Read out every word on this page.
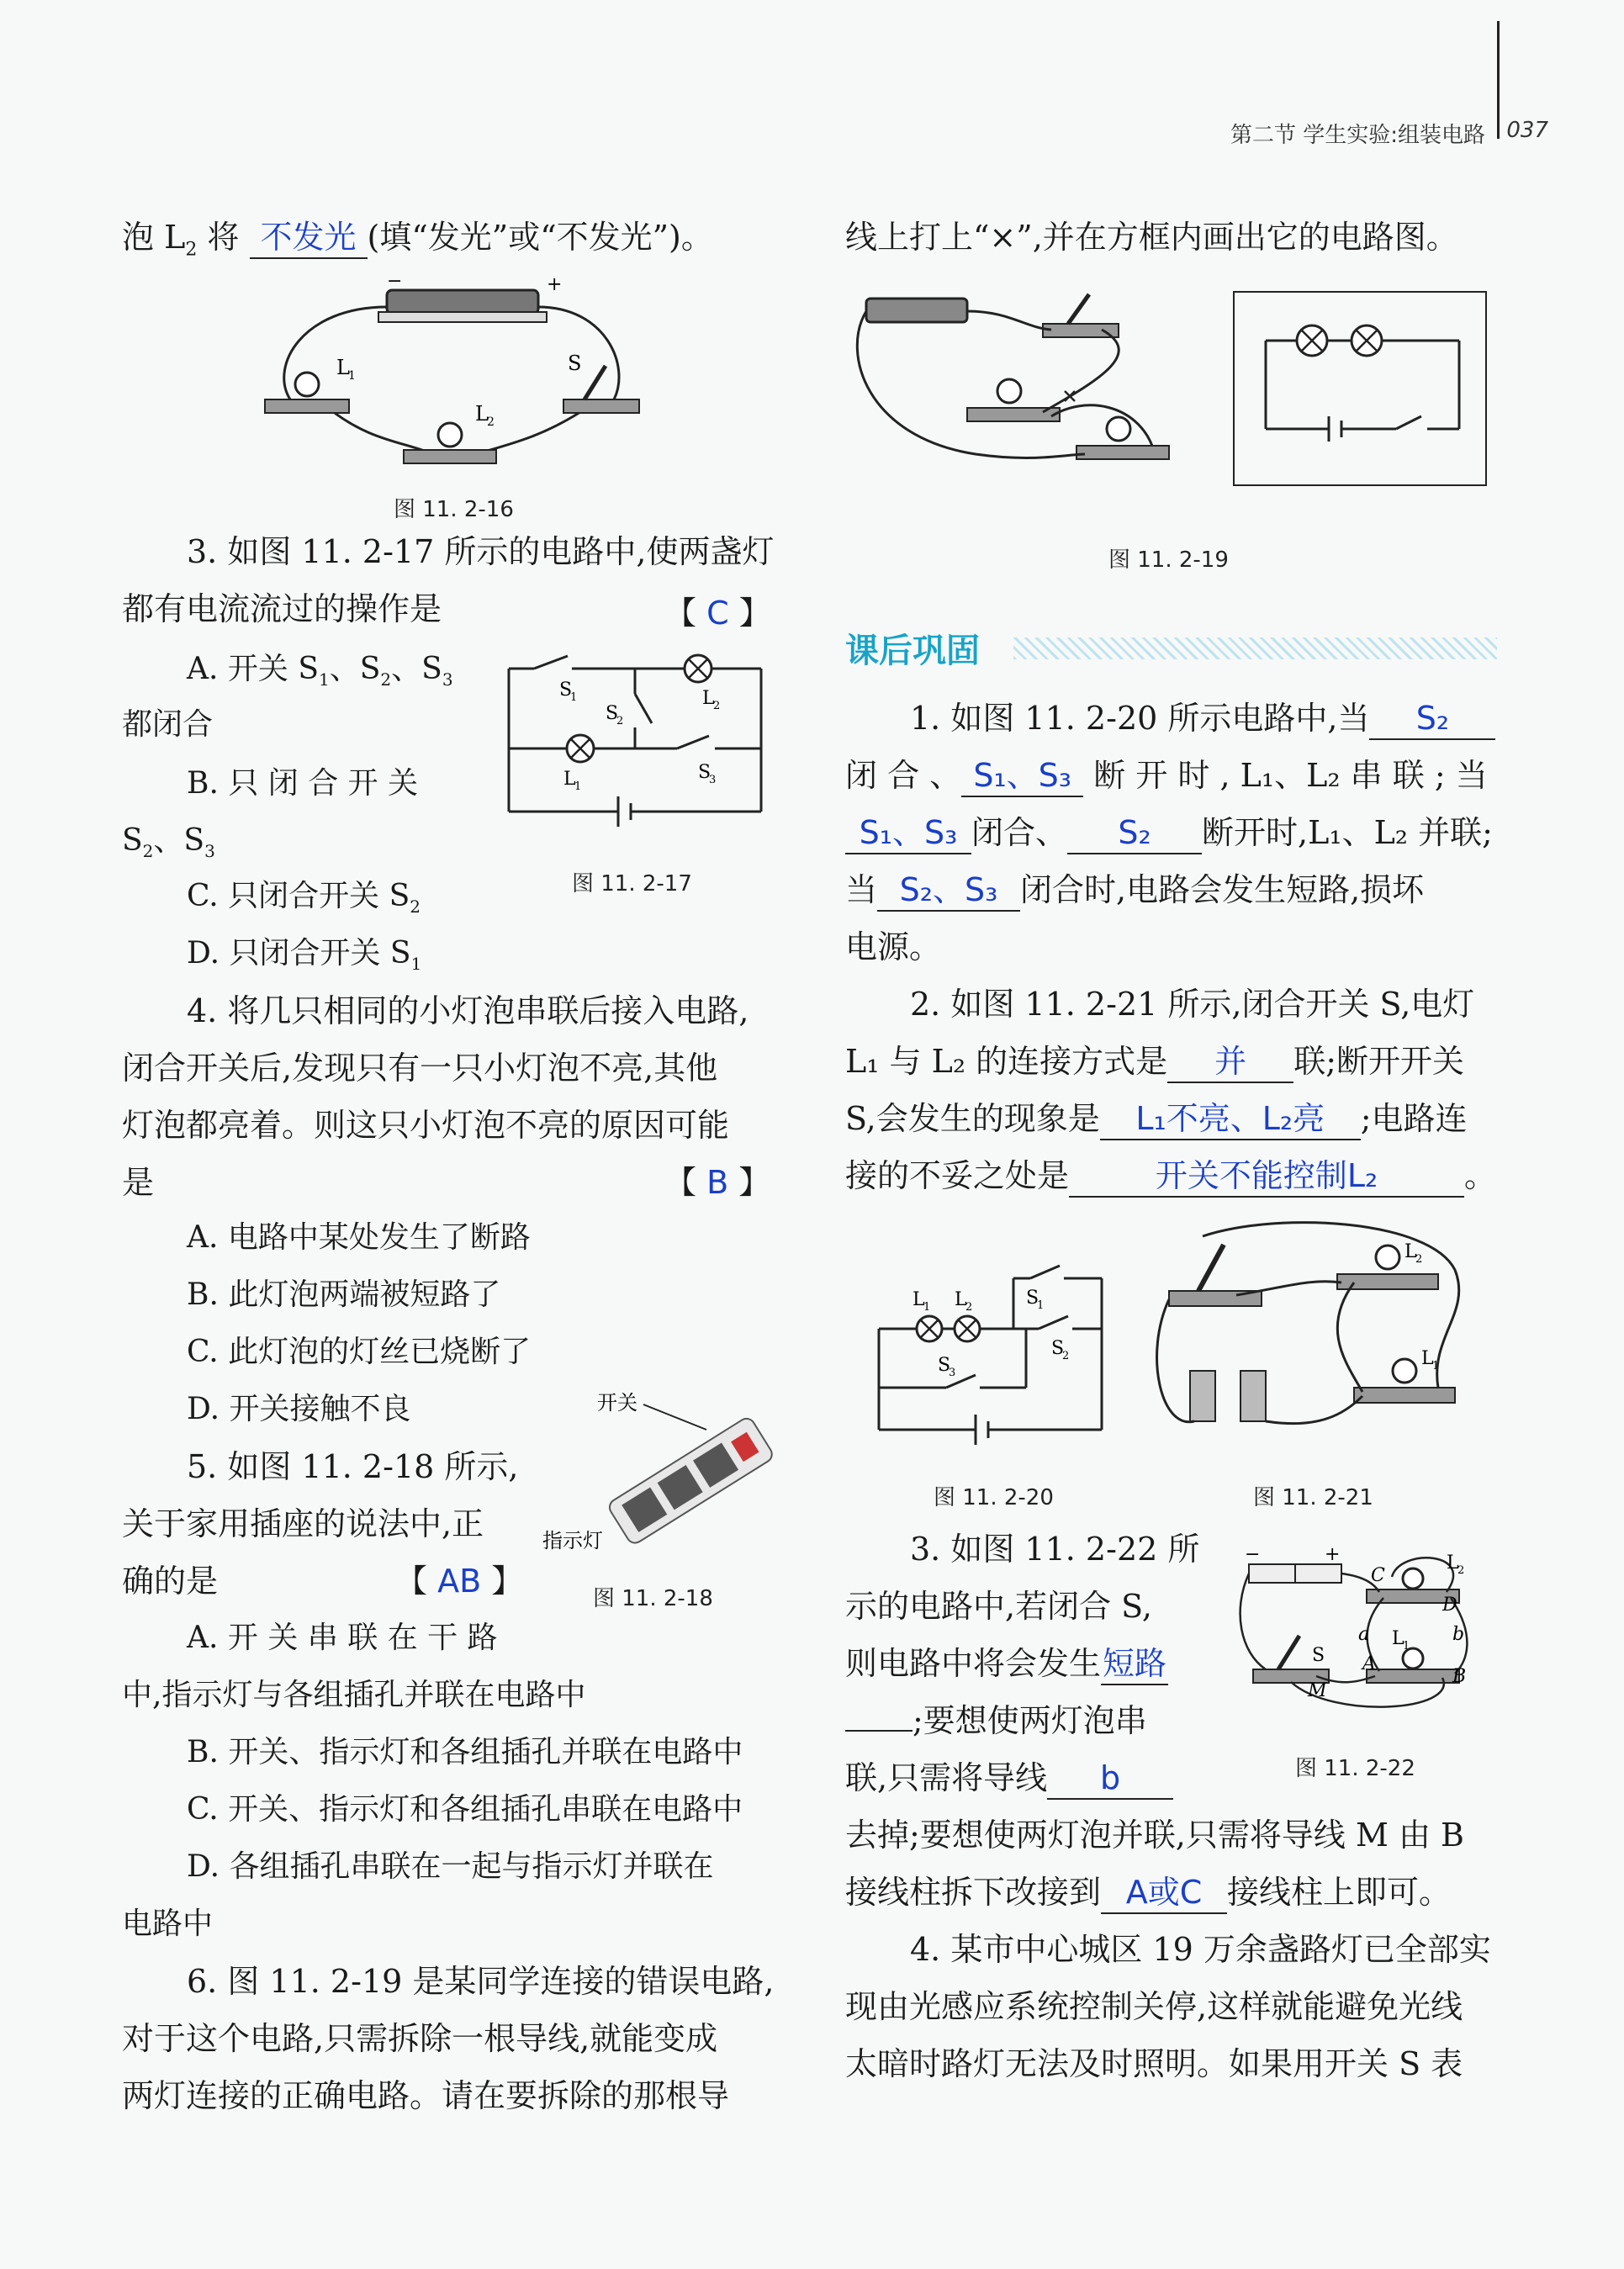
第二节 学生实验:组装电路 037
泡 $L_2$ 将 不发光 (填“发光”或“不发光”)。
−	+
L
1
L
2
S
图 11. 2-16
3. 如图 11. 2-17 所示的电路中,使两盏灯
都有电流流过的操作是	【 C 】
A. 开关 $S_1$、$S_2$、$S_3$
都闭合
B. 只 闭 合 开 关
$S_2$、$S_3$
C. 只闭合开关 $S_2$
D. 只闭合开关 $S_1$
S
1
S
2
L
2
L
1
S
3
图 11. 2-17
4. 将几只相同的小灯泡串联后接入电路,
闭合开关后,发现只有一只小灯泡不亮,其他
灯泡都亮着。则这只小灯泡不亮的原因可能
是	【 B 】
A. 电路中某处发生了断路
B. 此灯泡两端被短路了
C. 此灯泡的灯丝已烧断了
D. 开关接触不良
5. 如图 11. 2-18 所示,
关于家用插座的说法中,正
确的是	【 AB 】
开关
指示灯
图 11. 2-18
A. 开 关 串 联 在 干 路
中,指示灯与各组插孔并联在电路中
B. 开关、指示灯和各组插孔并联在电路中
C. 开关、指示灯和各组插孔串联在电路中
D. 各组插孔串联在一起与指示灯并联在
电路中
6. 图 11. 2-19 是某同学连接的错误电路,
对于这个电路,只需拆除一根导线,就能变成
两灯连接的正确电路。请在要拆除的那根导
线上打上“×”,并在方框内画出它的电路图。
图 11. 2-19
课后巩固
1. 如图 11. 2-20 所示电路中,当 S₂
闭 合 、 S₁、S₃ 断 开 时 , L₁、L₂ 串 联 ; 当
S₁、S₃ 闭合、 S₂ 断开时,L₁、L₂ 并联;
当 S₂、S₃ 闭合时,电路会发生短路,损坏
电源。
2. 如图 11. 2-21 所示,闭合开关 S,电灯
L₁ 与 L₂ 的连接方式是 并 联;断开开关
S,会发生的现象是 L₁不亮、L₂亮 ;电路连
接的不妥之处是	开关不能控制L₂	。
L
1 L
2	S
1
S
2
S
3
图 11. 2-20
L
2
L
1
图 11. 2-21
3. 如图 11. 2-22 所
示的电路中,若闭合 S,
则电路中将会发生短路
;要想使两灯泡串
联,只需将导线 b
去掉;要想使两灯泡并联,只需将导线 M 由 B
接线柱拆下改接到 A或C 接线柱上即可。
−	+
C
D
L
2
L
1
a	b
A
B
S
M
图 11. 2-22
4. 某市中心城区 19 万余盏路灯已全部实
现由光感应系统控制关停,这样就能避免光线
太暗时路灯无法及时照明。如果用开关 S 表
